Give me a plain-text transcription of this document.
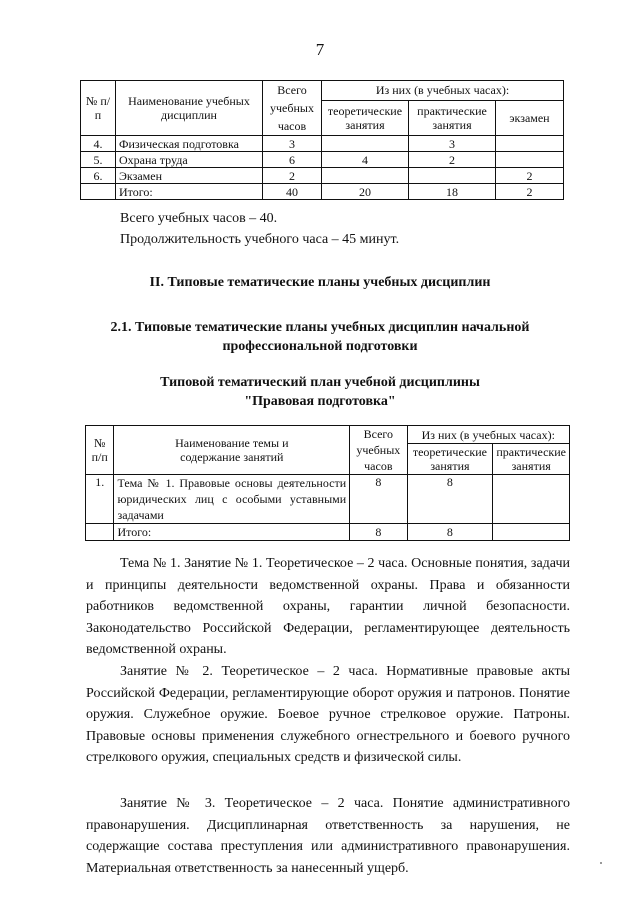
7
№ п/п	Наименование учебных дисциплин	Всего учебных часов	Из них (в учебных часах):		
			теоретические занятия	практические занятия	экзамен
4.	Физическая подготовка	3		3	
5.	Охрана труда	6	4	2	
6.	Экзамен	2			2
	Итого:	40	20	18	2
Всего учебных часов – 40.
Продолжительность учебного часа – 45 минут.
II. Типовые тематические планы учебных дисциплин
2.1. Типовые тематические планы учебных дисциплин начальной
профессиональной подготовки
Типовой тематический план учебной дисциплины
"Правовая подготовка"
№ п/п	Наименование темы и содержание занятий	Всего учебных часов	Из них (в учебных часах):	
			теоретические занятия	практические занятия
1.	Тема № 1. Правовые основы деятельности юридических лиц с особыми уставными задачами	8	8	
	Итого:	8	8	

Тема № 1. Занятие № 1. Теоретическое – 2 часа. Основные понятия, задачи и принципы деятельности ведомственной охраны. Права и обязанности работников ведомственной охраны, гарантии личной безопасности. Законодательство Российской Федерации, регламентирующее деятельность ведомственной охраны.

Занятие № 2. Теоретическое – 2 часа. Нормативные правовые акты Российской Федерации, регламентирующие оборот оружия и патронов. Понятие оружия. Служебное оружие. Боевое ручное стрелковое оружие. Патроны. Правовые основы применения служебного огнестрельного и боевого ручного стрелкового оружия, специальных средств и физической силы.

Занятие № 3. Теоретическое – 2 часа. Понятие административного правонарушения. Дисциплинарная ответственность за нарушения, не содержащие состава преступления или административного правонарушения. Материальная ответственность за нанесенный ущерб.
